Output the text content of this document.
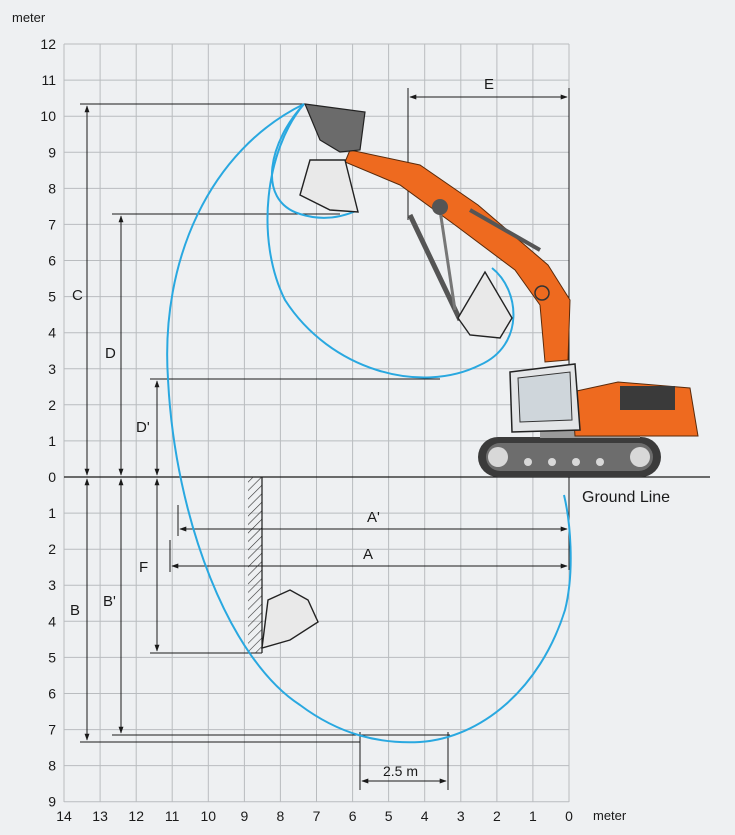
12
11
10
9
8
7
6
5
4
3
2
1
0
1
2
3
4
5
6
7
8
9
14 13 12 11 10 9 8 7 6 5 4 3 2 1 0
meter
meter
C
D
D'
E
A'
A
F
B
B'
2.5 m
Ground Line
